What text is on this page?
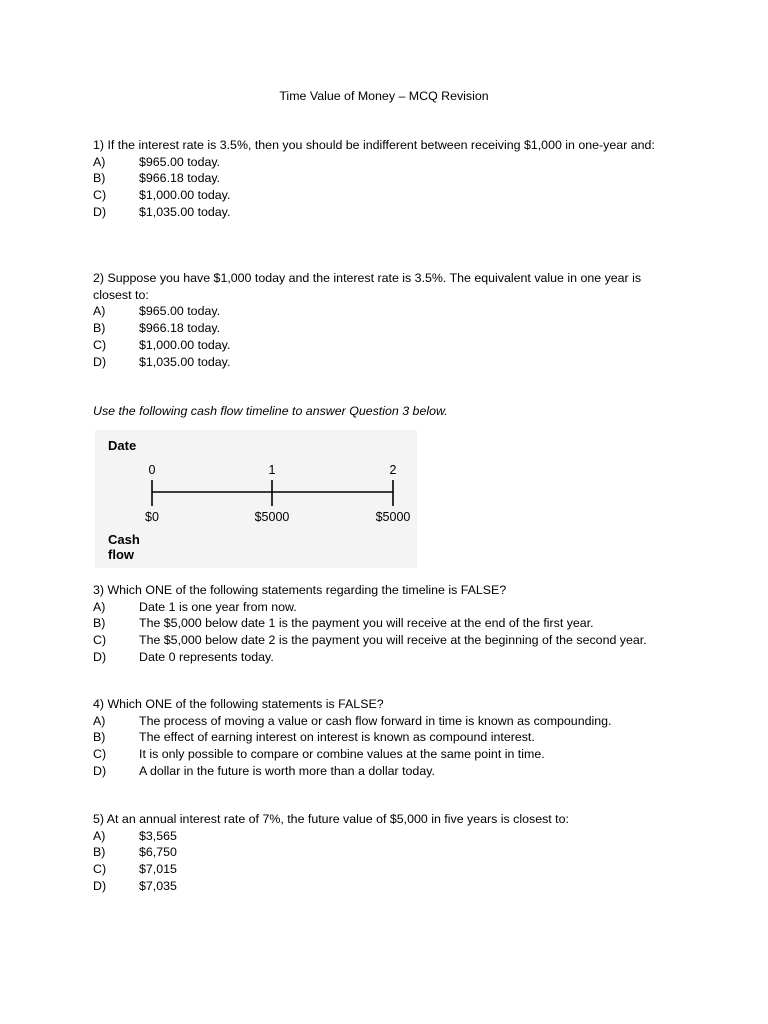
Time Value of Money – MCQ Revision
1) If the interest rate is 3.5%, then you should be indifferent between receiving $1,000 in one-year and:
A)	$965.00 today.
B)	$966.18 today.
C)	$1,000.00 today.
D)	$1,035.00 today.
2) Suppose you have $1,000 today and the interest rate is 3.5%. The equivalent value in one year is closest to:
A)	$965.00 today.
B)	$966.18 today.
C)	$1,000.00 today.
D)	$1,035.00 today.
Use the following cash flow timeline to answer Question 3 below.
Date
0	1	2
$0	$5000	$5000
Cash
flow
3) Which ONE of the following statements regarding the timeline is FALSE?
A)	Date 1 is one year from now.
B)	The $5,000 below date 1 is the payment you will receive at the end of the first year.
C)	The $5,000 below date 2 is the payment you will receive at the beginning of the second year.
D)	Date 0 represents today.
4) Which ONE of the following statements is FALSE?
A)	The process of moving a value or cash flow forward in time is known as compounding.
B)	The effect of earning interest on interest is known as compound interest.
C)	It is only possible to compare or combine values at the same point in time.
D)	A dollar in the future is worth more than a dollar today.
5) At an annual interest rate of 7%, the future value of $5,000 in five years is closest to:
A)	$3,565
B)	$6,750
C)	$7,015
D)	$7,035
